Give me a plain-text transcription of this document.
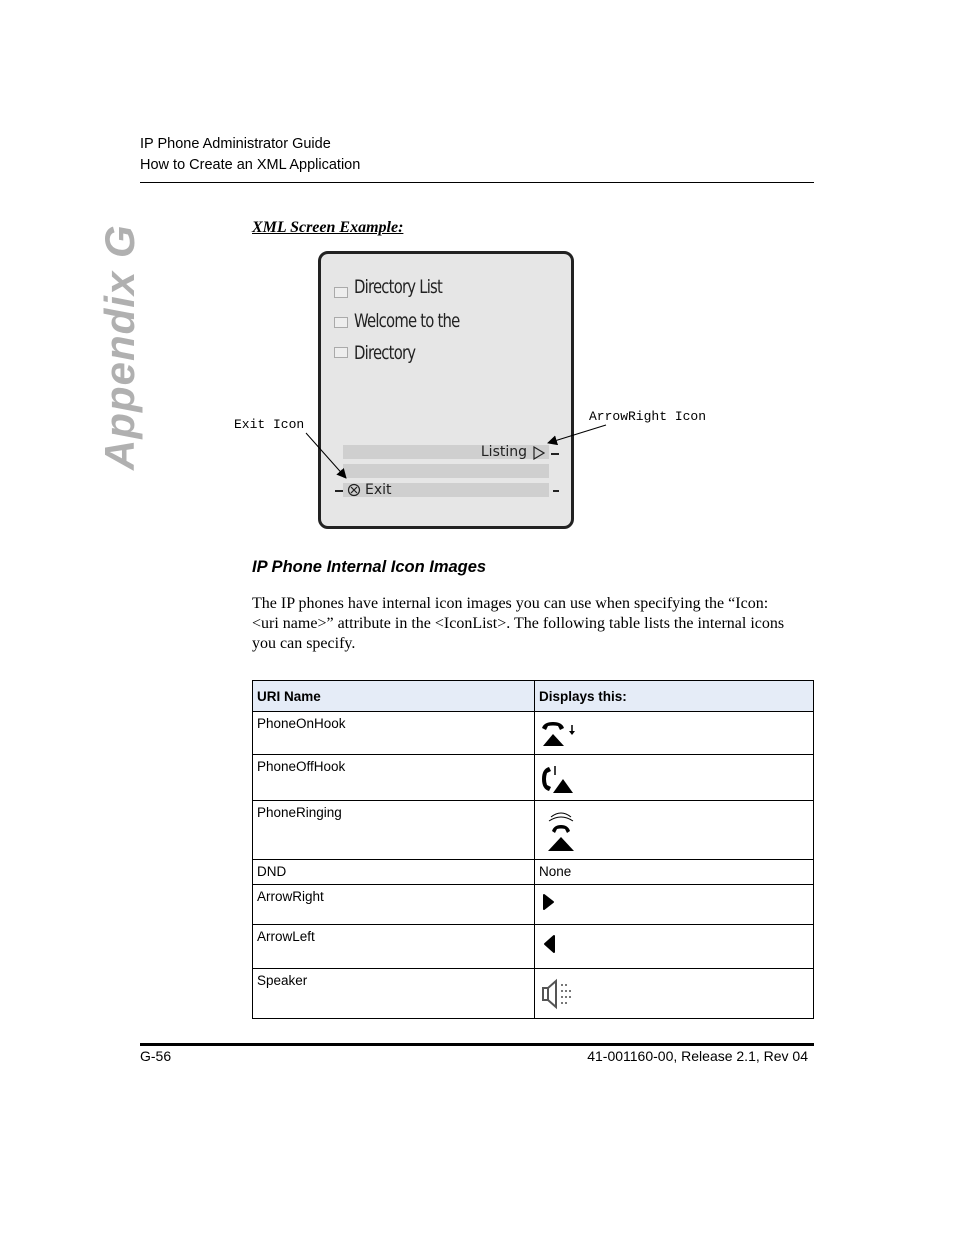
IP Phone Administrator Guide
How to Create an XML Application
Appendix G	XML Screen Example:
Directory List
Welcome to the
Directory
Listing
Exit
Exit Icon
ArrowRight Icon
IP Phone Internal Icon Images
The IP phones have internal icon images you can use when specifying the “Icon:<uri name>” attribute in the <IconList>. The following table lists the internal icons you can specify.
URI Name	Displays this:
PhoneOnHook	

PhoneOffHook	

PhoneRinging	

DND	None
ArrowRight	

ArrowLeft	

Speaker	
G-56	41-001160-00, Release 2.1, Rev 04
